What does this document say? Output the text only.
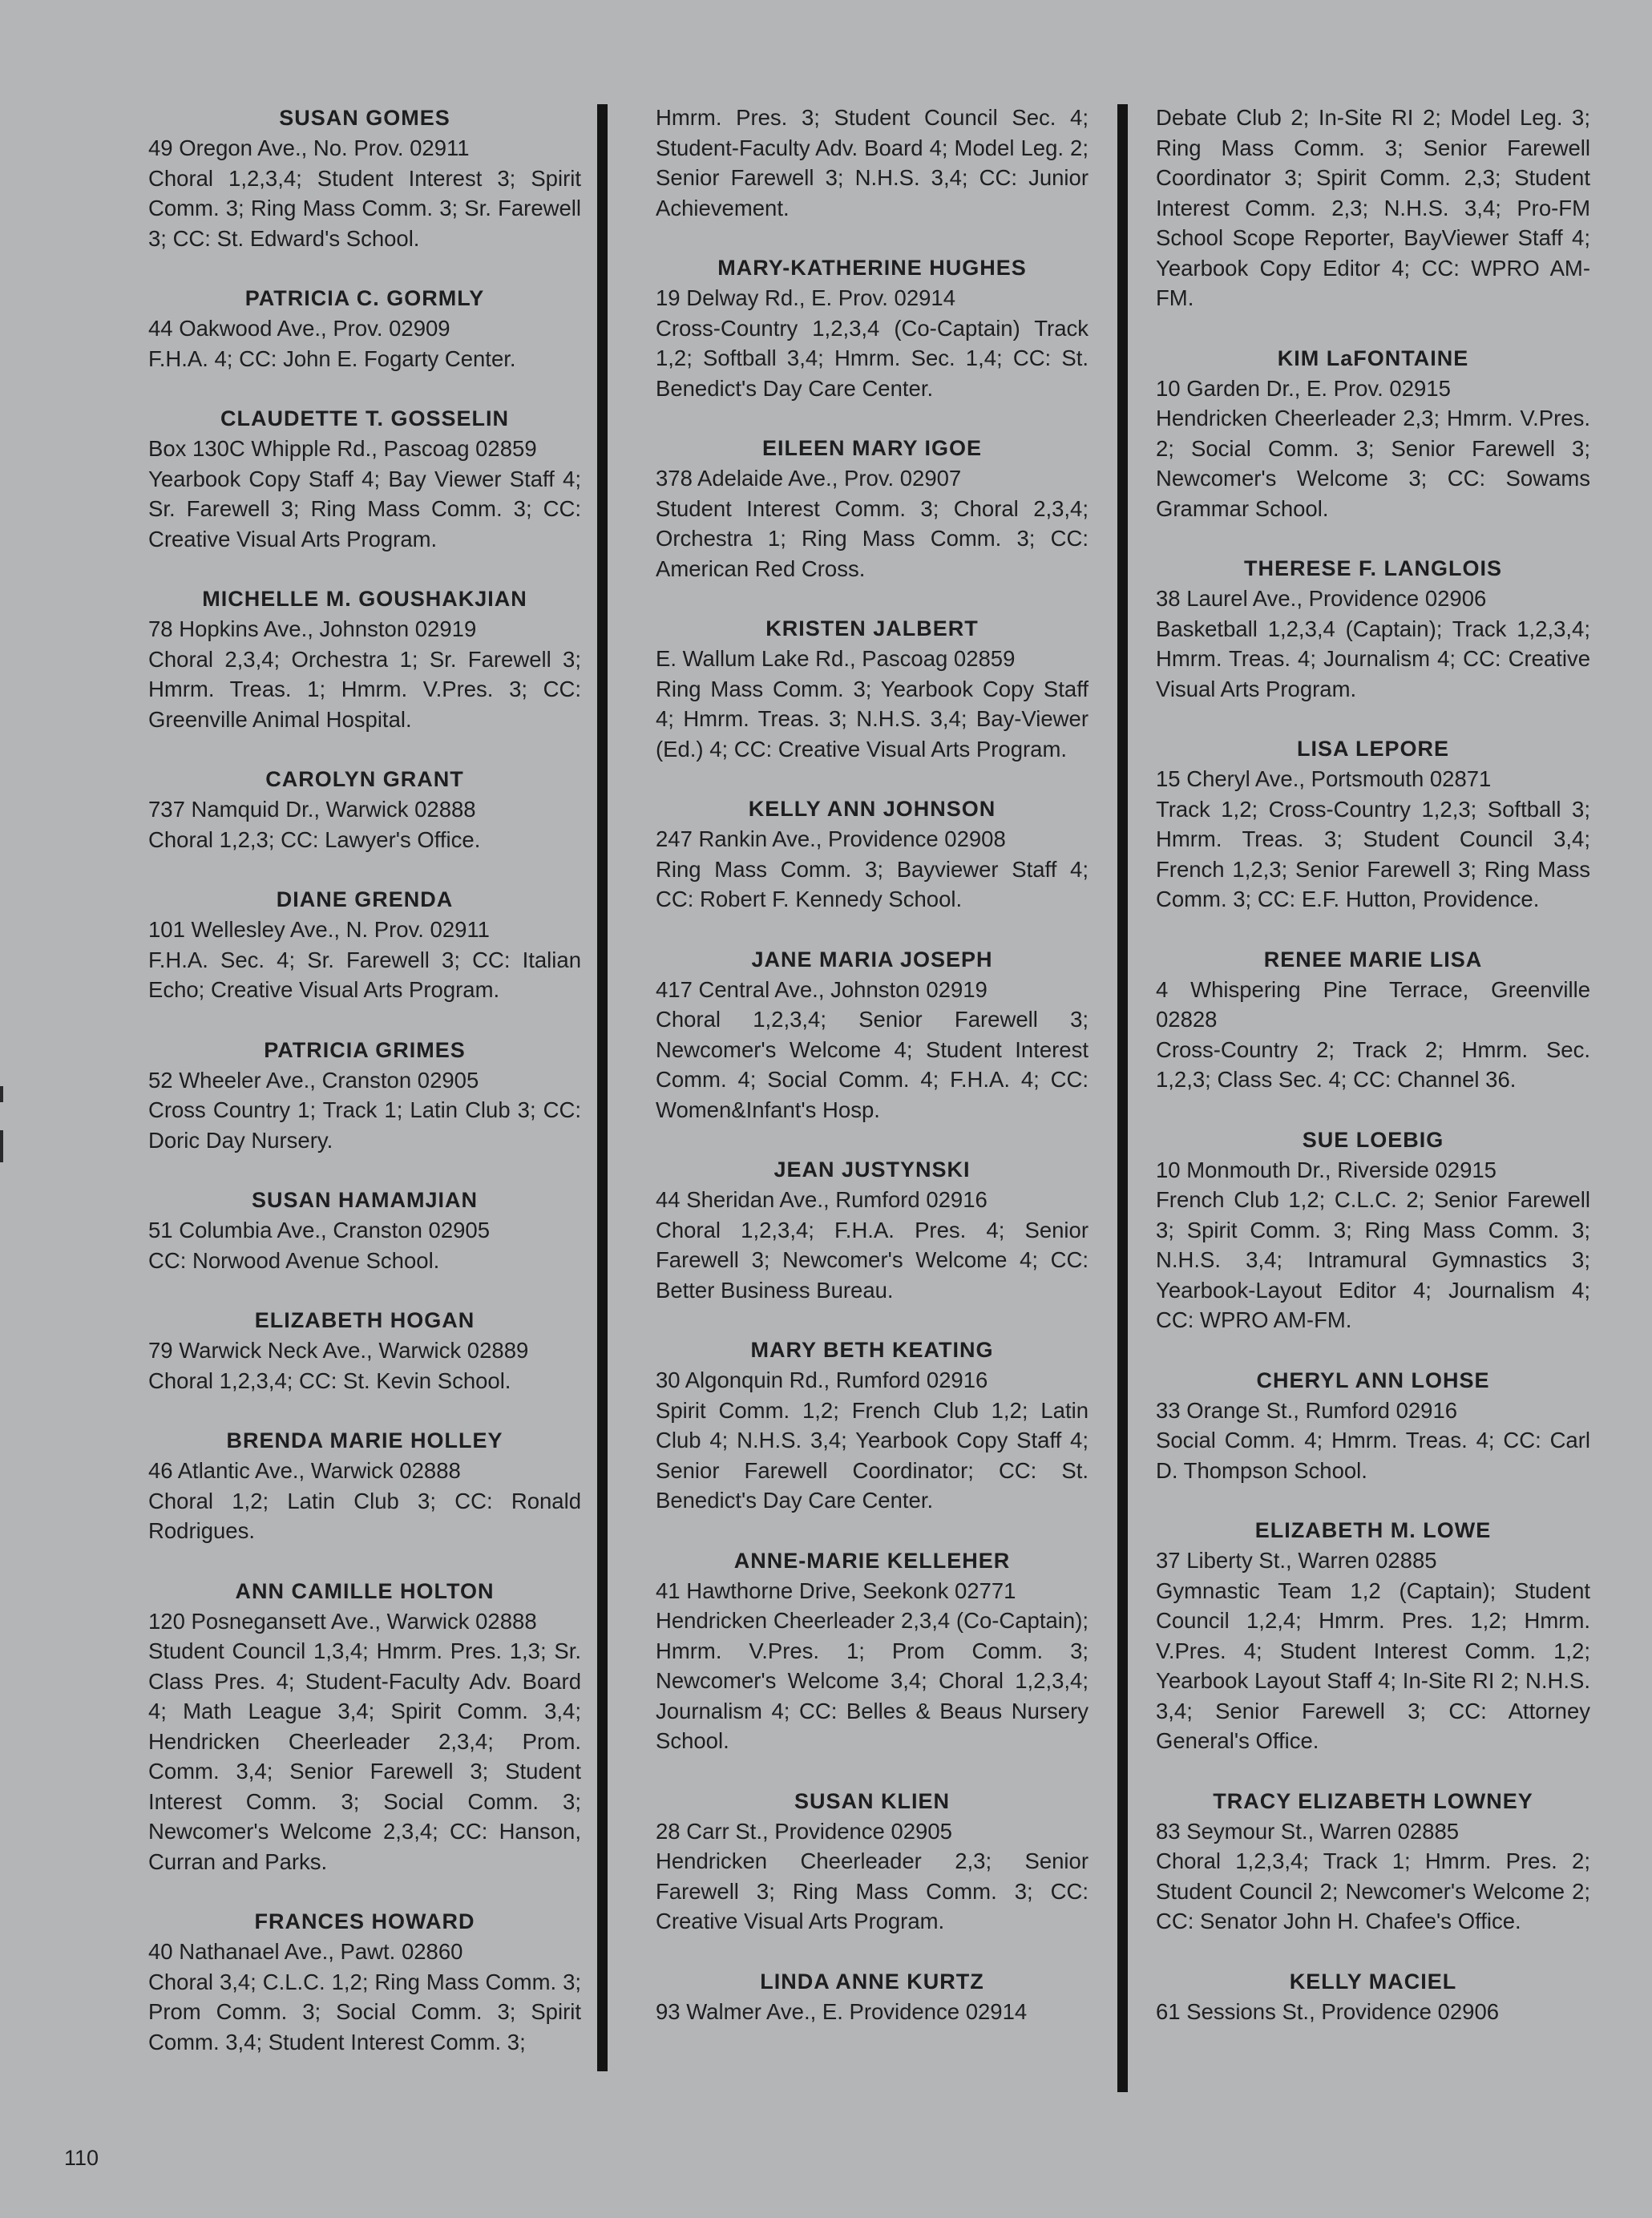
SUSAN GOMES

49 Oregon Ave., No. Prov. 02911
Choral 1,2,3,4; Student Interest 3; Spirit Comm. 3; Ring Mass Comm. 3; Sr. Farewell 3; CC: St. Edward's School.

PATRICIA C. GORMLY

44 Oakwood Ave., Prov. 02909
F.H.A. 4; CC: John E. Fogarty Center.

CLAUDETTE T. GOSSELIN

Box 130C Whipple Rd., Pascoag 02859
Yearbook Copy Staff 4; Bay Viewer Staff 4; Sr. Farewell 3; Ring Mass Comm. 3; CC: Creative Visual Arts Program.

MICHELLE M. GOUSHAKJIAN

78 Hopkins Ave., Johnston 02919
Choral 2,3,4; Orchestra 1; Sr. Farewell 3; Hmrm. Treas. 1; Hmrm. V.Pres. 3; CC: Greenville Animal Hospital.

CAROLYN GRANT

737 Namquid Dr., Warwick 02888
Choral 1,2,3; CC: Lawyer's Office.

DIANE GRENDA

101 Wellesley Ave., N. Prov. 02911
F.H.A. Sec. 4; Sr. Farewell 3; CC: Italian Echo; Creative Visual Arts Program.

PATRICIA GRIMES

52 Wheeler Ave., Cranston 02905
Cross Country 1; Track 1; Latin Club 3; CC: Doric Day Nursery.

SUSAN HAMAMJIAN

51 Columbia Ave., Cranston 02905
CC: Norwood Avenue School.

ELIZABETH HOGAN

79 Warwick Neck Ave., Warwick 02889
Choral 1,2,3,4; CC: St. Kevin School.

BRENDA MARIE HOLLEY

46 Atlantic Ave., Warwick 02888
Choral 1,2; Latin Club 3; CC: Ronald Rodrigues.

ANN CAMILLE HOLTON

120 Posnegansett Ave., Warwick 02888
Student Council 1,3,4; Hmrm. Pres. 1,3; Sr. Class Pres. 4; Student-Faculty Adv. Board 4; Math League 3,4; Spirit Comm. 3,4; Hendricken Cheerleader 2,3,4; Prom. Comm. 3,4; Senior Farewell 3; Student Interest Comm. 3; Social Comm. 3; Newcomer's Welcome 2,3,4; CC: Hanson, Curran and Parks.

FRANCES HOWARD

40 Nathanael Ave., Pawt. 02860
Choral 3,4; C.L.C. 1,2; Ring Mass Comm. 3; Prom Comm. 3; Social Comm. 3; Spirit Comm. 3,4; Student Interest Comm. 3;

Hmrm. Pres. 3; Student Council Sec. 4; Student-Faculty Adv. Board 4; Model Leg. 2; Senior Farewell 3; N.H.S. 3,4; CC: Junior Achievement.

MARY-KATHERINE HUGHES

19 Delway Rd., E. Prov. 02914
Cross-Country 1,2,3,4 (Co-Captain) Track 1,2; Softball 3,4; Hmrm. Sec. 1,4; CC: St. Benedict's Day Care Center.

EILEEN MARY IGOE

378 Adelaide Ave., Prov. 02907
Student Interest Comm. 3; Choral 2,3,4; Orchestra 1; Ring Mass Comm. 3; CC: American Red Cross.

KRISTEN JALBERT

E. Wallum Lake Rd., Pascoag 02859
Ring Mass Comm. 3; Yearbook Copy Staff 4; Hmrm. Treas. 3; N.H.S. 3,4; Bay-Viewer (Ed.) 4; CC: Creative Visual Arts Program.

KELLY ANN JOHNSON

247 Rankin Ave., Providence 02908
Ring Mass Comm. 3; Bayviewer Staff 4; CC: Robert F. Kennedy School.

JANE MARIA JOSEPH

417 Central Ave., Johnston 02919
Choral 1,2,3,4; Senior Farewell 3; Newcomer's Welcome 4; Student Interest Comm. 4; Social Comm. 4; F.H.A. 4; CC: Women&Infant's Hosp.

JEAN JUSTYNSKI

44 Sheridan Ave., Rumford 02916
Choral 1,2,3,4; F.H.A. Pres. 4; Senior Farewell 3; Newcomer's Welcome 4; CC: Better Business Bureau.

MARY BETH KEATING

30 Algonquin Rd., Rumford 02916
Spirit Comm. 1,2; French Club 1,2; Latin Club 4; N.H.S. 3,4; Yearbook Copy Staff 4; Senior Farewell Coordinator; CC: St. Benedict's Day Care Center.

ANNE-MARIE KELLEHER

41 Hawthorne Drive, Seekonk 02771
Hendricken Cheerleader 2,3,4 (Co-Captain); Hmrm. V.Pres. 1; Prom Comm. 3; Newcomer's Welcome 3,4; Choral 1,2,3,4; Journalism 4; CC: Belles & Beaus Nursery School.

SUSAN KLIEN

28 Carr St., Providence 02905
Hendricken Cheerleader 2,3; Senior Farewell 3; Ring Mass Comm. 3; CC: Creative Visual Arts Program.

LINDA ANNE KURTZ

93 Walmer Ave., E. Providence 02914

Debate Club 2; In-Site RI 2; Model Leg. 3; Ring Mass Comm. 3; Senior Farewell Coordinator 3; Spirit Comm. 2,3; Student Interest Comm. 2,3; N.H.S. 3,4; Pro-FM School Scope Reporter, BayViewer Staff 4; Yearbook Copy Editor 4; CC: WPRO AM-FM.

KIM LaFONTAINE

10 Garden Dr., E. Prov. 02915
Hendricken Cheerleader 2,3; Hmrm. V.Pres. 2; Social Comm. 3; Senior Farewell 3; Newcomer's Welcome 3; CC: Sowams Grammar School.

THERESE F. LANGLOIS

38 Laurel Ave., Providence 02906
Basketball 1,2,3,4 (Captain); Track 1,2,3,4; Hmrm. Treas. 4; Journalism 4; CC: Creative Visual Arts Program.

LISA LEPORE

15 Cheryl Ave., Portsmouth 02871
Track 1,2; Cross-Country 1,2,3; Softball 3; Hmrm. Treas. 3; Student Council 3,4; French 1,2,3; Senior Farewell 3; Ring Mass Comm. 3; CC: E.F. Hutton, Providence.

RENEE MARIE LISA

4 Whispering Pine Terrace, Greenville 02828
Cross-Country 2; Track 2; Hmrm. Sec. 1,2,3; Class Sec. 4; CC: Channel 36.

SUE LOEBIG

10 Monmouth Dr., Riverside 02915
French Club 1,2; C.L.C. 2; Senior Farewell 3; Spirit Comm. 3; Ring Mass Comm. 3; N.H.S. 3,4; Intramural Gymnastics 3; Yearbook-Layout Editor 4; Journalism 4; CC: WPRO AM-FM.

CHERYL ANN LOHSE

33 Orange St., Rumford 02916
Social Comm. 4; Hmrm. Treas. 4; CC: Carl D. Thompson School.

ELIZABETH M. LOWE

37 Liberty St., Warren 02885
Gymnastic Team 1,2 (Captain); Student Council 1,2,4; Hmrm. Pres. 1,2; Hmrm. V.Pres. 4; Student Interest Comm. 1,2; Yearbook Layout Staff 4; In-Site RI 2; N.H.S. 3,4; Senior Farewell 3; CC: Attorney General's Office.

TRACY ELIZABETH LOWNEY

83 Seymour St., Warren 02885
Choral 1,2,3,4; Track 1; Hmrm. Pres. 2; Student Council 2; Newcomer's Welcome 2; CC: Senator John H. Chafee's Office.

KELLY MACIEL

61 Sessions St., Providence 02906
110
